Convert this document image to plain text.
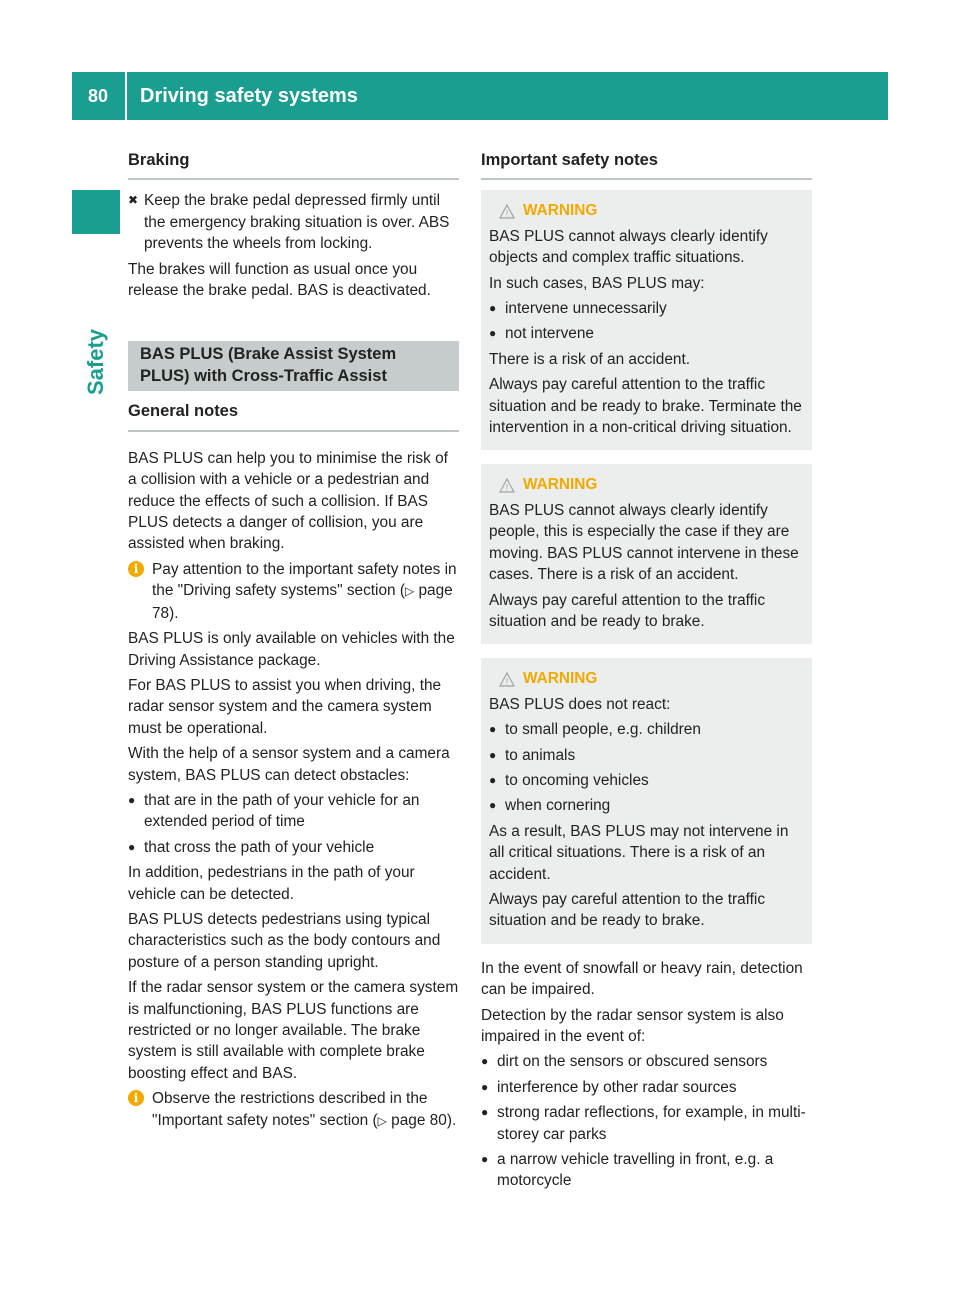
80	Driving safety systems
Safety
Braking
✖ Keep the brake pedal depressed firmly until the emergency braking situation is over. ABS prevents the wheels from locking.

The brakes will function as usual once you release the brake pedal. BAS is deactivated.

BAS PLUS (Brake Assist System PLUS) with Cross-Traffic Assist
General notes

BAS PLUS can help you to minimise the risk of a collision with a vehicle or a pedestrian and reduce the effects of such a collision. If BAS PLUS detects a danger of collision, you are assisted when braking.

i Pay attention to the important safety notes in the "Driving safety systems" section (▷ page 78).

BAS PLUS is only available on vehicles with the Driving Assistance package.

For BAS PLUS to assist you when driving, the radar sensor system and the camera system must be operational.

With the help of a sensor system and a camera system, BAS PLUS can detect obstacles:

● that are in the path of your vehicle for an extended period of time
● that cross the path of your vehicle

In addition, pedestrians in the path of your vehicle can be detected.

BAS PLUS detects pedestrians using typical characteristics such as the body contours and posture of a person standing upright.

If the radar sensor system or the camera system is malfunctioning, BAS PLUS functions are restricted or no longer available. The brake system is still available with complete brake boosting effect and BAS.

i Observe the restrictions described in the "Important safety notes" section (▷ page 80).
Important safety notes
! WARNING

BAS PLUS cannot always clearly identify objects and complex traffic situations.

In such cases, BAS PLUS may:

● intervene unnecessarily
● not intervene

There is a risk of an accident.

Always pay careful attention to the traffic situation and be ready to brake. Terminate the intervention in a non-critical driving situation.

! WARNING

BAS PLUS cannot always clearly identify people, this is especially the case if they are moving. BAS PLUS cannot intervene in these cases. There is a risk of an accident.

Always pay careful attention to the traffic situation and be ready to brake.

! WARNING

BAS PLUS does not react:

● to small people, e.g. children
● to animals
● to oncoming vehicles
● when cornering

As a result, BAS PLUS may not intervene in all critical situations. There is a risk of an accident.

Always pay careful attention to the traffic situation and be ready to brake.

In the event of snowfall or heavy rain, detection can be impaired.

Detection by the radar sensor system is also impaired in the event of:

● dirt on the sensors or obscured sensors
● interference by other radar sources
● strong radar reflections, for example, in multi-storey car parks
● a narrow vehicle travelling in front, e.g. a motorcycle
